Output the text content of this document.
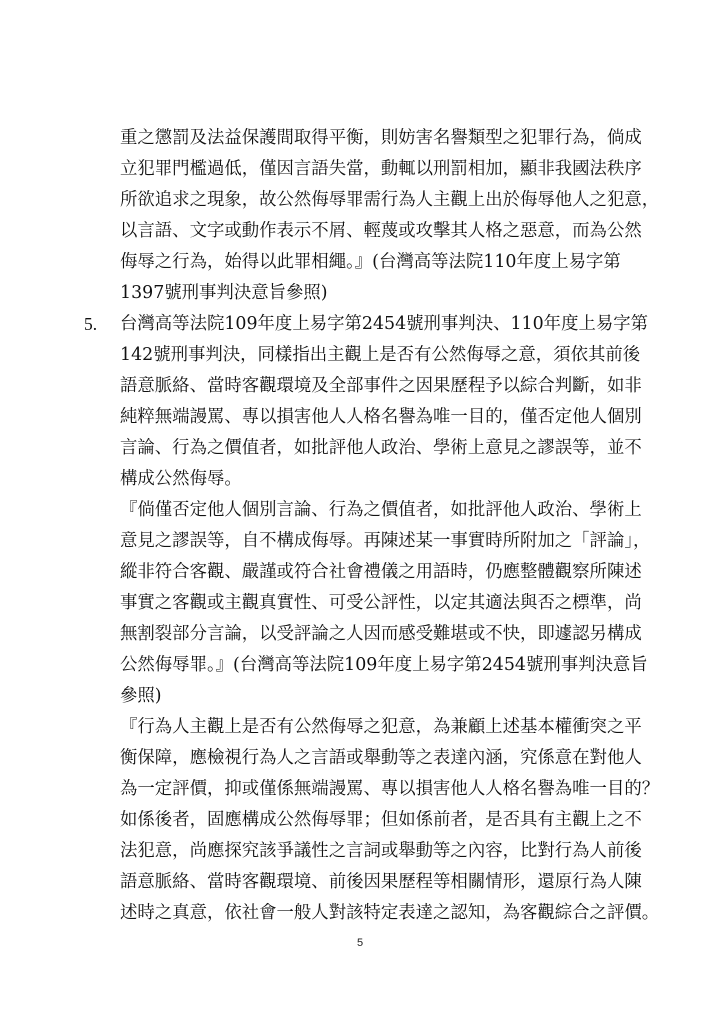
重之懲罰及法益保護間取得平衡，則妨害名譽類型之犯罪行為，倘成
立犯罪門檻過低，僅因言語失當，動輒以刑罰相加，顯非我國法秩序
所欲追求之現象，故公然侮辱罪需行為人主觀上出於侮辱他人之犯意，
以言語、文字或動作表示不屑、輕蔑或攻擊其人格之惡意，而為公然
侮辱之行為，始得以此罪相繩。』(台灣高等法院110年度上易字第
1397號刑事判決意旨參照)
5.	台灣高等法院109年度上易字第2454號刑事判決、110年度上易字第
142號刑事判決，同樣指出主觀上是否有公然侮辱之意，須依其前後
語意脈絡、當時客觀環境及全部事件之因果歷程予以綜合判斷，如非
純粹無端謾罵、專以損害他人人格名譽為唯一目的，僅否定他人個別
言論、行為之價值者，如批評他人政治、學術上意見之謬誤等，並不
構成公然侮辱。
『倘僅否定他人個別言論、行為之價值者，如批評他人政治、學術上
意見之謬誤等，自不構成侮辱。再陳述某一事實時所附加之「評論」，
縱非符合客觀、嚴謹或符合社會禮儀之用語時，仍應整體觀察所陳述
事實之客觀或主觀真實性、可受公評性，以定其適法與否之標準，尚
無割裂部分言論，以受評論之人因而感受難堪或不快，即遽認另構成
公然侮辱罪。』(台灣高等法院109年度上易字第2454號刑事判決意旨
參照)
『行為人主觀上是否有公然侮辱之犯意，為兼顧上述基本權衝突之平
衡保障，應檢視行為人之言語或舉動等之表達內涵，究係意在對他人
為一定評價，抑或僅係無端謾罵、專以損害他人人格名譽為唯一目的？
如係後者，固應構成公然侮辱罪；但如係前者，是否具有主觀上之不
法犯意，尚應探究該爭議性之言詞或舉動等之內容，比對行為人前後
語意脈絡、當時客觀環境、前後因果歷程等相關情形，還原行為人陳
述時之真意，依社會一般人對該特定表達之認知，為客觀綜合之評價。
5
